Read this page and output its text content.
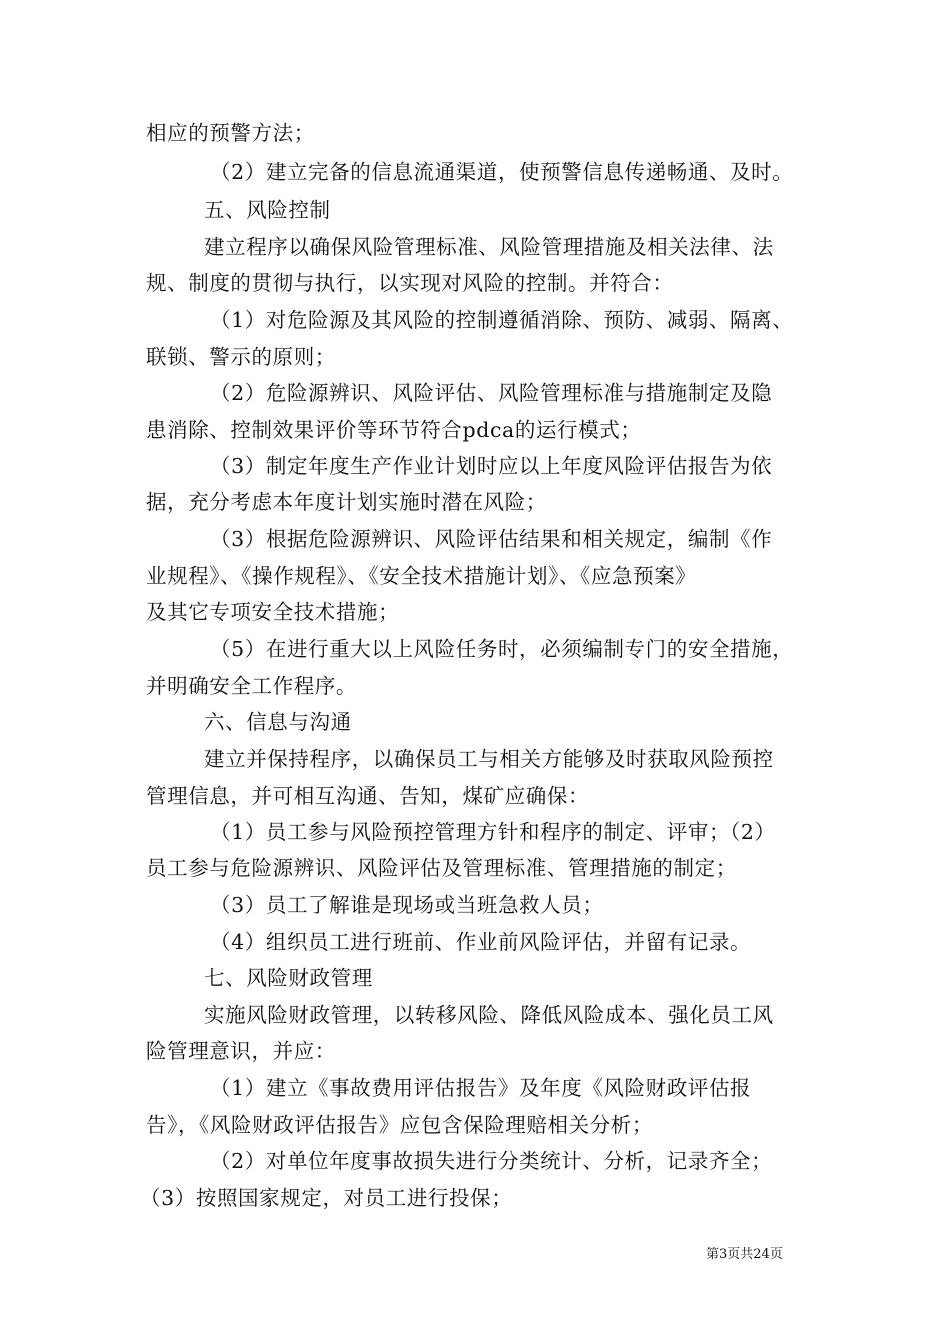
相应的预警方法；
（2）建立完备的信息流通渠道，使预警信息传递畅通、及时。
五、风险控制
建立程序以确保风险管理标准、风险管理措施及相关法律、法
规、制度的贯彻与执行，以实现对风险的控制。并符合：
（1）对危险源及其风险的控制遵循消除、预防、减弱、隔离、
联锁、警示的原则；
（2）危险源辨识、风险评估、风险管理标准与措施制定及隐
患消除、控制效果评价等环节符合pdca的运行模式；
（3）制定年度生产作业计划时应以上年度风险评估报告为依
据，充分考虑本年度计划实施时潜在风险；
（3）根据危险源辨识、风险评估结果和相关规定，编制《作
业规程》、《操作规程》、《安全技术措施计划》、《应急预案》
及其它专项安全技术措施；
（5）在进行重大以上风险任务时，必须编制专门的安全措施，
并明确安全工作程序。
六、信息与沟通
建立并保持程序，以确保员工与相关方能够及时获取风险预控
管理信息，并可相互沟通、告知，煤矿应确保：
（1）员工参与风险预控管理方针和程序的制定、评审；（2）
员工参与危险源辨识、风险评估及管理标准、管理措施的制定；
（3）员工了解谁是现场或当班急救人员；
（4）组织员工进行班前、作业前风险评估，并留有记录。
七、风险财政管理
实施风险财政管理，以转移风险、降低风险成本、强化员工风
险管理意识，并应：
（1）建立《事故费用评估报告》及年度《风险财政评估报
告》，《风险财政评估报告》应包含保险理赔相关分析；
（2）对单位年度事故损失进行分类统计、分析，记录齐全；
（3）按照国家规定，对员工进行投保；
第3页共24页
